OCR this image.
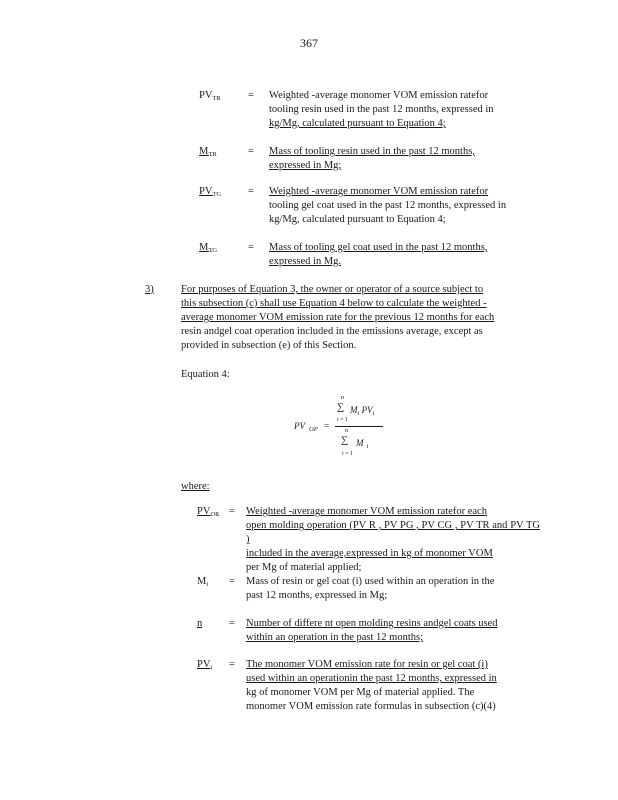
367
$PV_{TR}$	= Weighted -average monomer VOM emission ratefor
tooling resin used in the past 12 months, expressed in
kg/Mg, calculated pursuant to Equation 4;
$M_{TR}$	= Mass of tooling resin used in the past 12 months,
expressed in Mg;
$PV_{TG}$	= Weighted -average monomer VOM emission ratefor
tooling gel coat used in the past 12 months, expressed in
kg/Mg, calculated pursuant to Equation 4;
$M_{TG}$	= Mass of tooling gel coat used in the past 12 months,
expressed in Mg.
3)	For purposes of Equation 3, the owner or operator of a source subject to
this subsection (c) shall use Equation 4 below to calculate the weighted -
average monomer VOM emission rate for the previous 12 months for each
resin andgel coat operation included in the emissions average, except as
provided in subsection (e) of this Section.
Equation 4:
PV $_{OP}$ =
n
∑
i = 1
$M_i$ $PV_i$
n
∑
i = 1
M $_i$
where:
$PV_{OP}$ = Weighted -average monomer VOM emission ratefor each
open molding operation (PV R , PV PG , PV CG , PV TR and PV TG )
included in the average,expressed in kg of monomer VOM
per Mg of material applied;
$M_i$ = Mass of resin or gel coat (i) used within an operation in the
past 12 months, expressed in Mg;
n	= Number of differe nt open molding resins andgel coats used
within an operation in the past 12 months;
$PV_i$ = The monomer VOM emission rate for resin or gel coat (i)
used within an operationin the past 12 months, expressed in
kg of monomer VOM per Mg of material applied. The
monomer VOM emission rate formulas in subsection (c)(4)
